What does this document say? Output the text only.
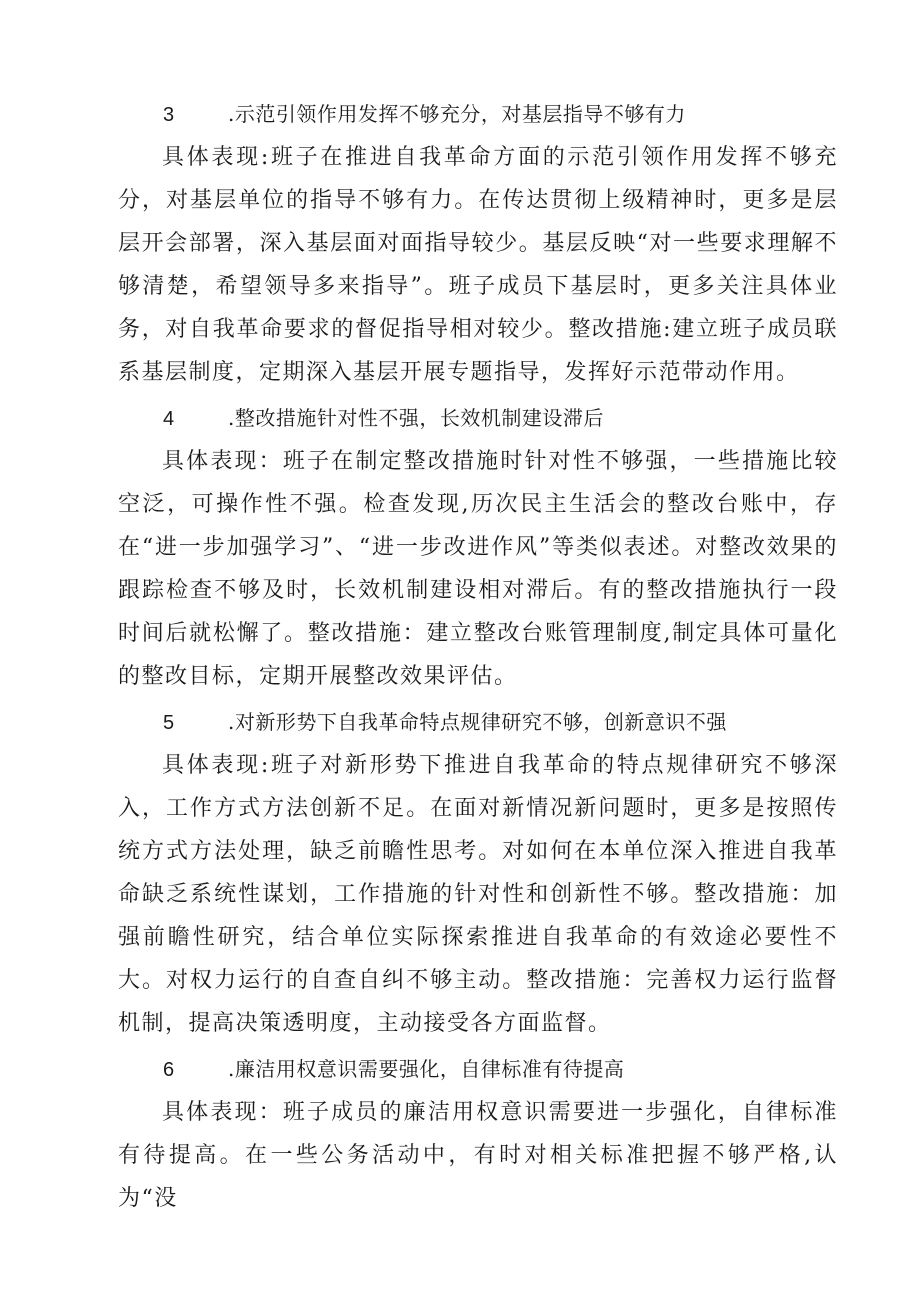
3	.示范引领作用发挥不够充分，对基层指导不够有力

具体表现:班子在推进自我革命方面的示范引领作用发挥不够充分，对基层单位的指导不够有力。在传达贯彻上级精神时，更多是层层开会部署，深入基层面对面指导较少。基层反映“对一些要求理解不够清楚，希望领导多来指导”。班子成员下基层时，更多关注具体业务，对自我革命要求的督促指导相对较少。整改措施:建立班子成员联系基层制度，定期深入基层开展专题指导，发挥好示范带动作用。

4	.整改措施针对性不强，长效机制建设滞后

具体表现：班子在制定整改措施时针对性不够强，一些措施比较空泛，可操作性不强。检查发现,历次民主生活会的整改台账中，存在“进一步加强学习”、“进一步改进作风”等类似表述。对整改效果的跟踪检查不够及时，长效机制建设相对滞后。有的整改措施执行一段时间后就松懈了。整改措施：建立整改台账管理制度,制定具体可量化的整改目标，定期开展整改效果评估。

5	.对新形势下自我革命特点规律研究不够，创新意识不强

具体表现:班子对新形势下推进自我革命的特点规律研究不够深入，工作方式方法创新不足。在面对新情况新问题时，更多是按照传统方式方法处理，缺乏前瞻性思考。对如何在本单位深入推进自我革命缺乏系统性谋划，工作措施的针对性和创新性不够。整改措施：加强前瞻性研究，结合单位实际探索推进自我革命的有效途必要性不大。对权力运行的自查自纠不够主动。整改措施：完善权力运行监督机制，提高决策透明度，主动接受各方面监督。

6	.廉洁用权意识需要强化，自律标准有待提高

具体表现：班子成员的廉洁用权意识需要进一步强化，自律标准有待提高。在一些公务活动中，有时对相关标准把握不够严格,认为“没
